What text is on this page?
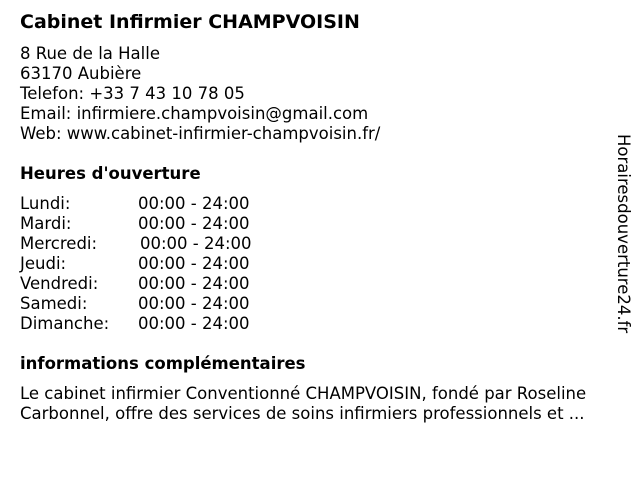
Cabinet Infirmier CHAMPVOISIN
8 Rue de la Halle
63170 Aubière
Telefon: +33 7 43 10 78 05
Email: infirmiere.champvoisin@gmail.com
Web: www.cabinet-infirmier-champvoisin.fr/
Heures d'ouverture
Lundi:	00:00 - 24:00
Mardi:	00:00 - 24:00
Mercredi:	00:00 - 24:00
Jeudi:	00:00 - 24:00
Vendredi: 00:00 - 24:00
Samedi:	00:00 - 24:00
Dimanche: 00:00 - 24:00
informations complémentaires
Le cabinet infirmier Conventionné CHAMPVOISIN, fondé par Roseline
Carbonnel, offre des services de soins infirmiers professionnels et ...
Horairesdouverture24.fr
